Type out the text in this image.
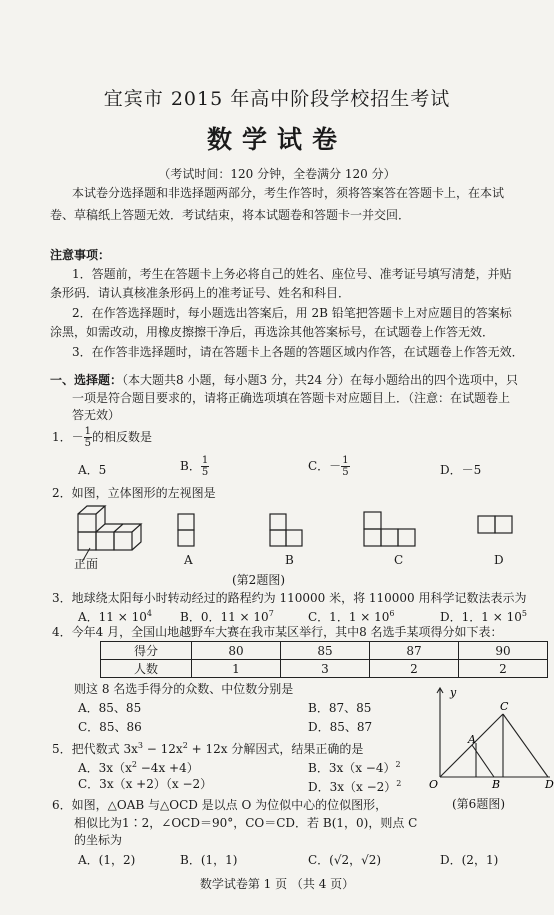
宜宾市 2015 年高中阶段学校招生考试
数学试卷
（考试时间：120 分钟，全卷满分 120 分）
本试卷分选择题和非选择题两部分，考生作答时，须将答案答在答题卡上，在本试
卷、草稿纸上答题无效．考试结束，将本试题卷和答题卡一并交回．
注意事项：
1．答题前，考生在答题卡上务必将自己的姓名、座位号、准考证号填写清楚，并贴
条形码．请认真核准条形码上的准考证号、姓名和科目．
2．在作答选择题时，每小题选出答案后，用 2B 铅笔把答题卡上对应题目的答案标
涂黑，如需改动，用橡皮擦擦干净后，再选涂其他答案标号，在试题卷上作答无效．
3．在作答非选择题时，请在答题卡上各题的答题区域内作答，在试题卷上作答无效．
一、选择题：（本大题共8 小题，每小题3 分，共24 分）在每小题给出的四个选项中，只
一项是符合题目要求的，请将正确选项填在答题卡对应题目上．（注意：在试题卷上
答无效）
1．－ $\frac{1}{5}$ 的相反数是
A．5	B． $\frac{1}{5}$	C．－ $\frac{1}{5}$	D．－5
2．如图，立体图形的左视图是
正面	A	B	C	D
(第2题图)
3．地球绕太阳每小时转动经过的路程约为 110000 米，将 110000 用科学记数法表示为
A．$11 \times 10^4$ B．0．$11 \times 10^7$	C．1．$1 \times 10^6$	D．1．$1 \times 10^5$
4．今年4 月，全国山地越野车大赛在我市某区举行，其中8 名选手某项得分如下表：
得分	80	85	87	90
人数	1	3	2	2
则这 8 名选手得分的众数、中位数分别是
A．85、85	B．87、85
C．85、86	D．85、87
5．把代数式 $3x^3 - 12x^2 + 12x$ 分解因式，结果正确的是
A．$3x(x^2 -4x +4)$	B．$3x(x -4)^2$
C．3x（x +2）（x −2）	D．$3x(x -2)^2$
6．如图，△OAB 与△OCD 是以点 O 为位似中心的位似图形，
相似比为1∶2，∠OCD＝90°，CO＝CD．若 B(1，0)，则点 C
的坐标为
A．(1，2)	B．(1，1)	C．(√2，√2)	D．(2，1)
y
O
A
C
B	D
(第6题图)
数学试卷第 1 页 （共 4 页）
